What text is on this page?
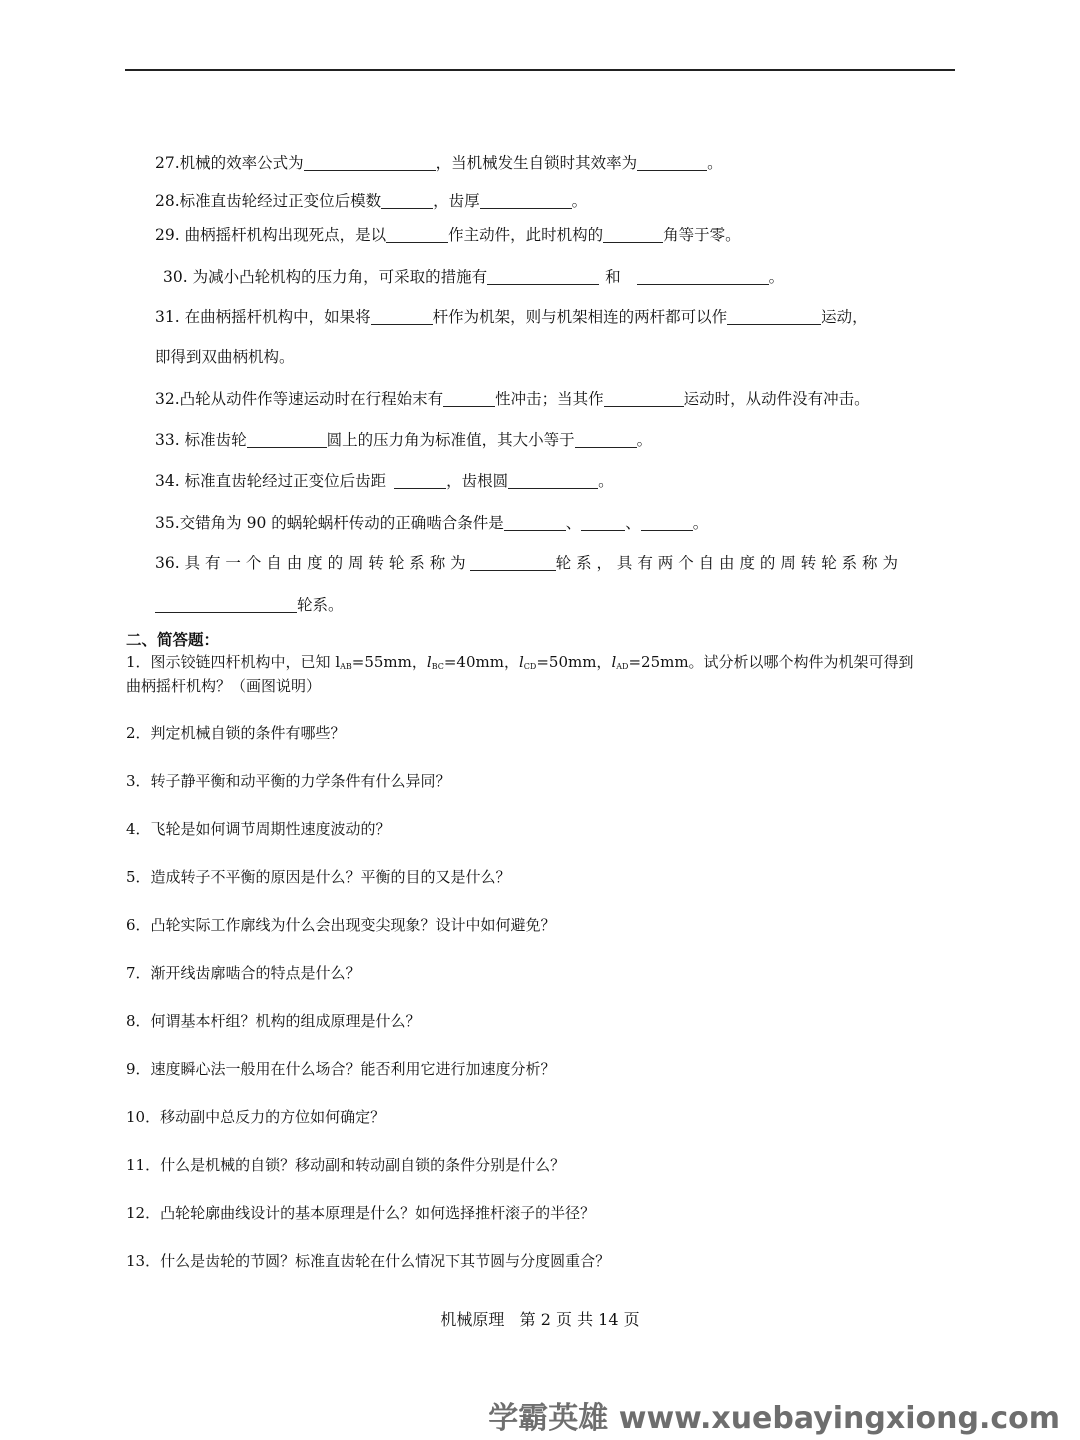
27.机械的效率公式为	，当机械发生自锁时其效率为	。
28.标准直齿轮经过正变位后模数	，齿厚	。
29. 曲柄摇杆机构出现死点，是以	作主动件，此时机构的	角等于零。
30. 为减小凸轮机构的压力角，可采取的措施有	和	。
31. 在曲柄摇杆机构中，如果将	杆作为机架，则与机架相连的两杆都可以作	运动，
即得到双曲柄机构。
32.凸轮从动件作等速运动时在行程始末有	性冲击；当其作	运动时，从动件没有冲击。
33. 标准齿轮	圆上的压力角为标准值，其大小等于	。
34. 标准直齿轮经过正变位后齿距	，齿根圆	。
35.交错角为 90 的蜗轮蜗杆传动的正确啮合条件是	、	、	。
36. 具 有 一 个 自 由 度 的 周 转 轮 系 称 为	轮 系 ， 具 有 两 个 自 由 度 的 周 转 轮 系 称 为
轮系。
二、简答题：
1．图示铰链四杆机构中，已知 $l_{AB}=55mm$，$l_{BC}=40mm$，$l_{CD}=50mm$，$l_{AD}=25mm$。试分析以哪个构件为机架可得到
曲柄摇杆机构？（画图说明）
2．判定机械自锁的条件有哪些？
3．转子静平衡和动平衡的力学条件有什么异同？
4．飞轮是如何调节周期性速度波动的？
5．造成转子不平衡的原因是什么？平衡的目的又是什么？
6．凸轮实际工作廓线为什么会出现变尖现象？设计中如何避免？
7．渐开线齿廓啮合的特点是什么？
8．何谓基本杆组？机构的组成原理是什么？
9．速度瞬心法一般用在什么场合？能否利用它进行加速度分析？
10．移动副中总反力的方位如何确定？
11．什么是机械的自锁？移动副和转动副自锁的条件分别是什么？
12．凸轮轮廓曲线设计的基本原理是什么？如何选择推杆滚子的半径？
13．什么是齿轮的节圆？标准直齿轮在什么情况下其节圆与分度圆重合？
机械原理   第 2 页 共 14 页
学霸英雄 www.xuebayingxiong.com
